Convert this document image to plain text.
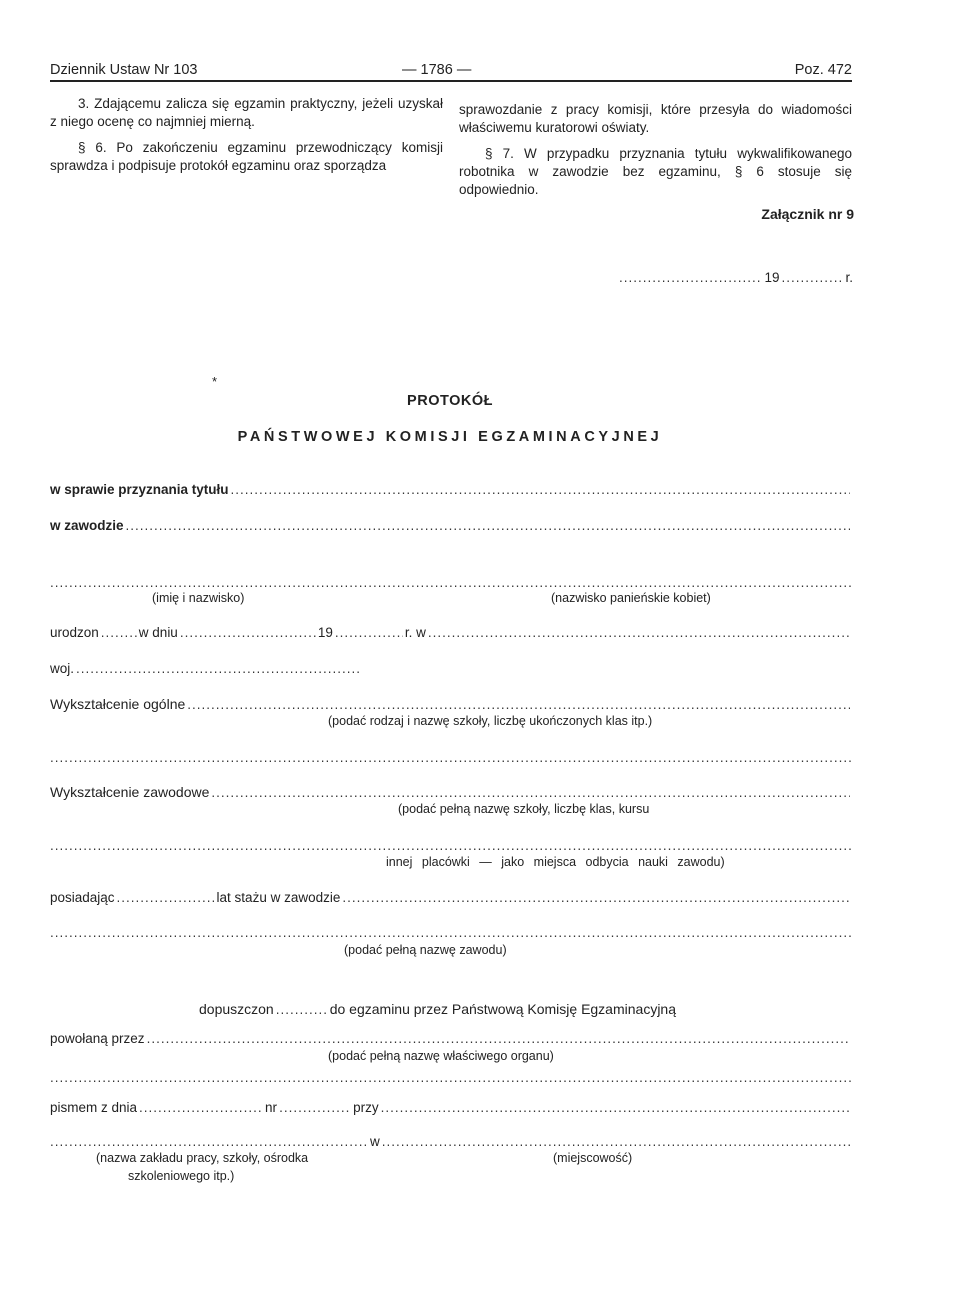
Dziennik Ustaw Nr 103	— 1786 —	Poz. 472

3. Zdającemu zalicza się egzamin praktyczny, jeżeli uzyskał z niego ocenę co najmniej mierną.

§ 6. Po zakończeniu egzaminu przewodniczący komisji sprawdza i podpisuje protokół egzaminu oraz sporządza

sprawozdanie z pracy komisji, które przesyła do wiadomości właściwemu kuratorowi oświaty.

§ 7. W przypadku przyznania tytułu wykwalifikowanego robotnika w zawodzie bez egzaminu, § 6 stosuje się odpowiednio.

Załącznik nr 9
.....
19 .....	r.
*
PROTOKÓŁ
PAŃSTWOWEJ KOMISJI EGZAMINACYJNEJ
w sprawie przyznania tytułu
.....
w zawodzie
.....
.....
(imię i nazwisko)	(nazwisko panieńskie kobiet)
urodzon .....	w dniu .....	19 .....	r. w
.....
woj.
.....
Wykształcenie ogólne
.....
(podać rodzaj i nazwę szkoły, liczbę ukończonych klas itp.)
.....
Wykształcenie zawodowe
.....
(podać pełną nazwę szkoły, liczbę klas, kursu
.....
innej placówki — jako miejsca odbycia nauki zawodu)
posiadając .....	lat stażu w zawodzie
.....
.....
(podać pełną nazwę zawodu)
dopuszczon .....	do egzaminu przez Państwową Komisję Egzaminacyjną
powołaną przez
.....
(podać pełną nazwę właściwego organu)
.....
pismem z dnia .....	nr .....	przy
.....
.....
w
.....
(nazwa zakładu pracy, szkoły, ośrodka
szkoleniowego itp.)
(miejscowość)
